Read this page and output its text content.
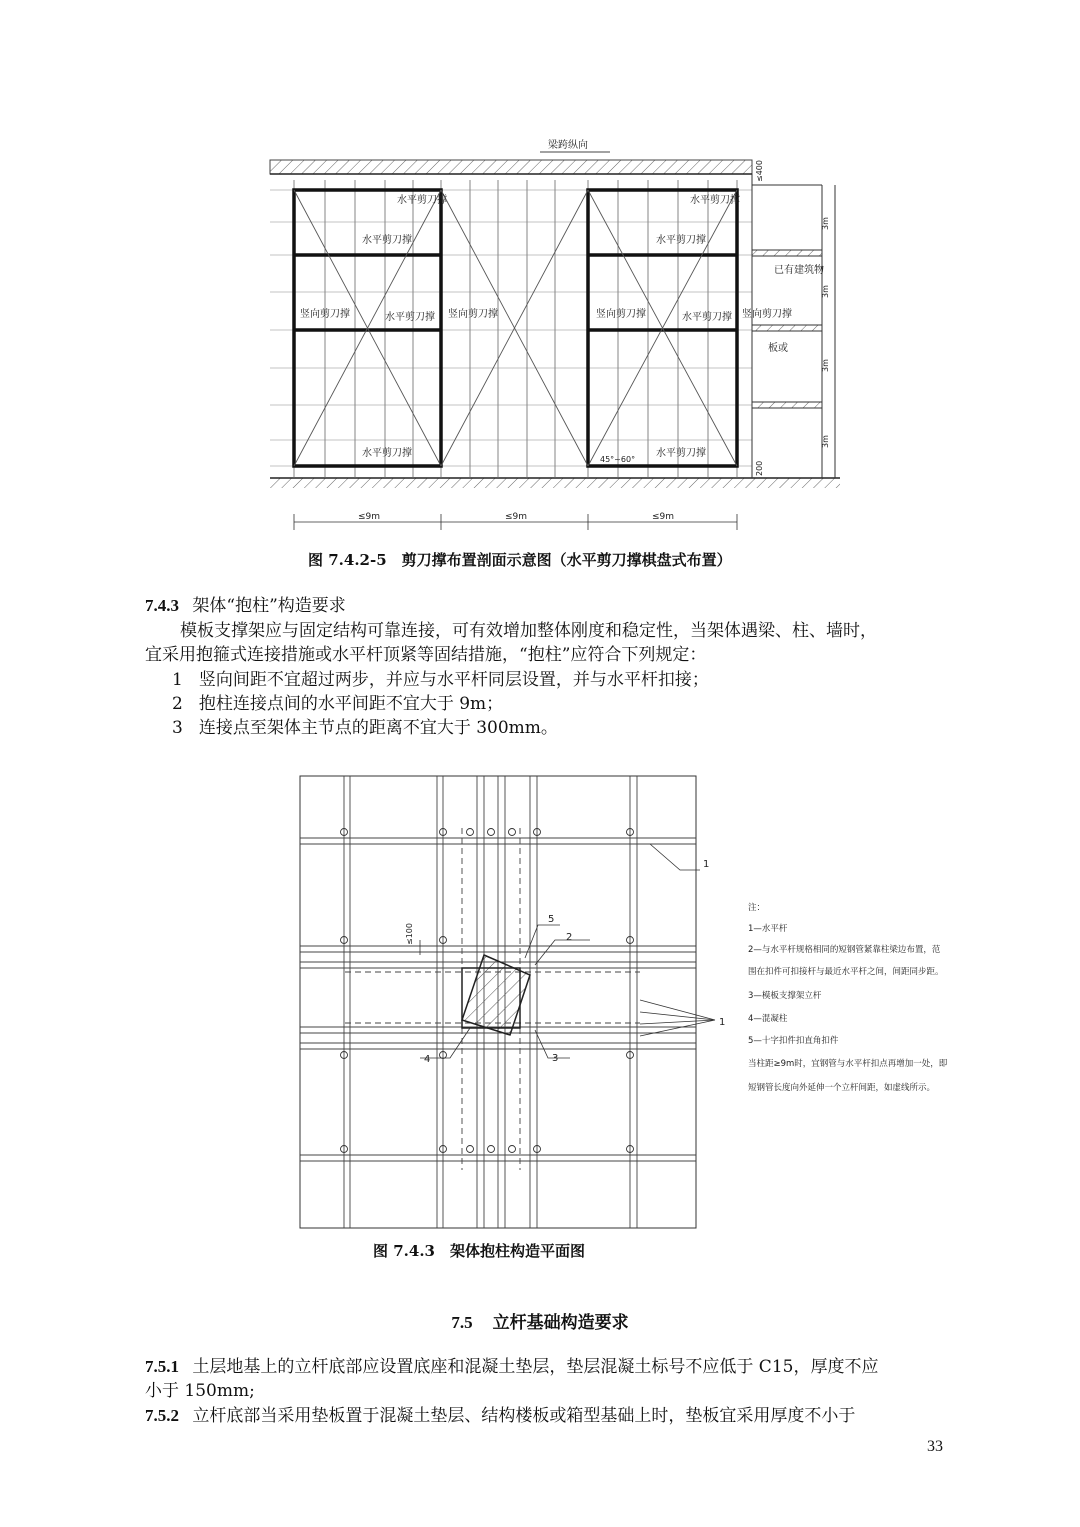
梁跨纵向
水平剪刀撑
水平剪刀撑
竖向剪刀撑	水平剪刀撑 竖向剪刀撑
水平剪刀撑
水平剪刀撑
水平剪刀撑
竖向剪刀撑	水平剪刀撑 竖向剪刀撑
水平剪刀撑
45°~60°
已有建筑物
板或
≤400
3m
3m
3m
3m
200
≤9m	≤9m	≤9m
图 7.4.2-5　剪刀撑布置剖面示意图（水平剪刀撑棋盘式布置）
7.4.3 架体“抱柱”构造要求
模板支撑架应与固定结构可靠连接，可有效增加整体刚度和稳定性，当架体遇梁、柱、墙时，
宜采用抱箍式连接措施或水平杆顶紧等固结措施，“抱柱”应符合下列规定：
1 竖向间距不宜超过两步，并应与水平杆同层设置，并与水平杆扣接；
2 抱柱连接点间的水平间距不宜大于 9m；
3 连接点至架体主节点的距离不宜大于 300mm。
1
2
3
4
5
1
≤100
注：
1—水平杆
2—与水平杆规格相同的短钢管紧靠柱梁边布置，范
围在扣件可扣接杆与最近水平杆之间，间距同步距。
3—模板支撑架立杆
4—混凝柱
5—十字扣件扣直角扣件
当柱距≥9m时，宜钢管与水平杆扣点再增加一处，即
短钢管长度向外延伸一个立杆间距，如虚线所示。
图 7.4.3　架体抱柱构造平面图
7.5 立杆基础构造要求
7.5.1 土层地基上的立杆底部应设置底座和混凝土垫层，垫层混凝土标号不应低于 C15，厚度不应
小于 150mm;
7.5.2 立杆底部当采用垫板置于混凝土垫层、结构楼板或箱型基础上时，垫板宜采用厚度不小于
33
